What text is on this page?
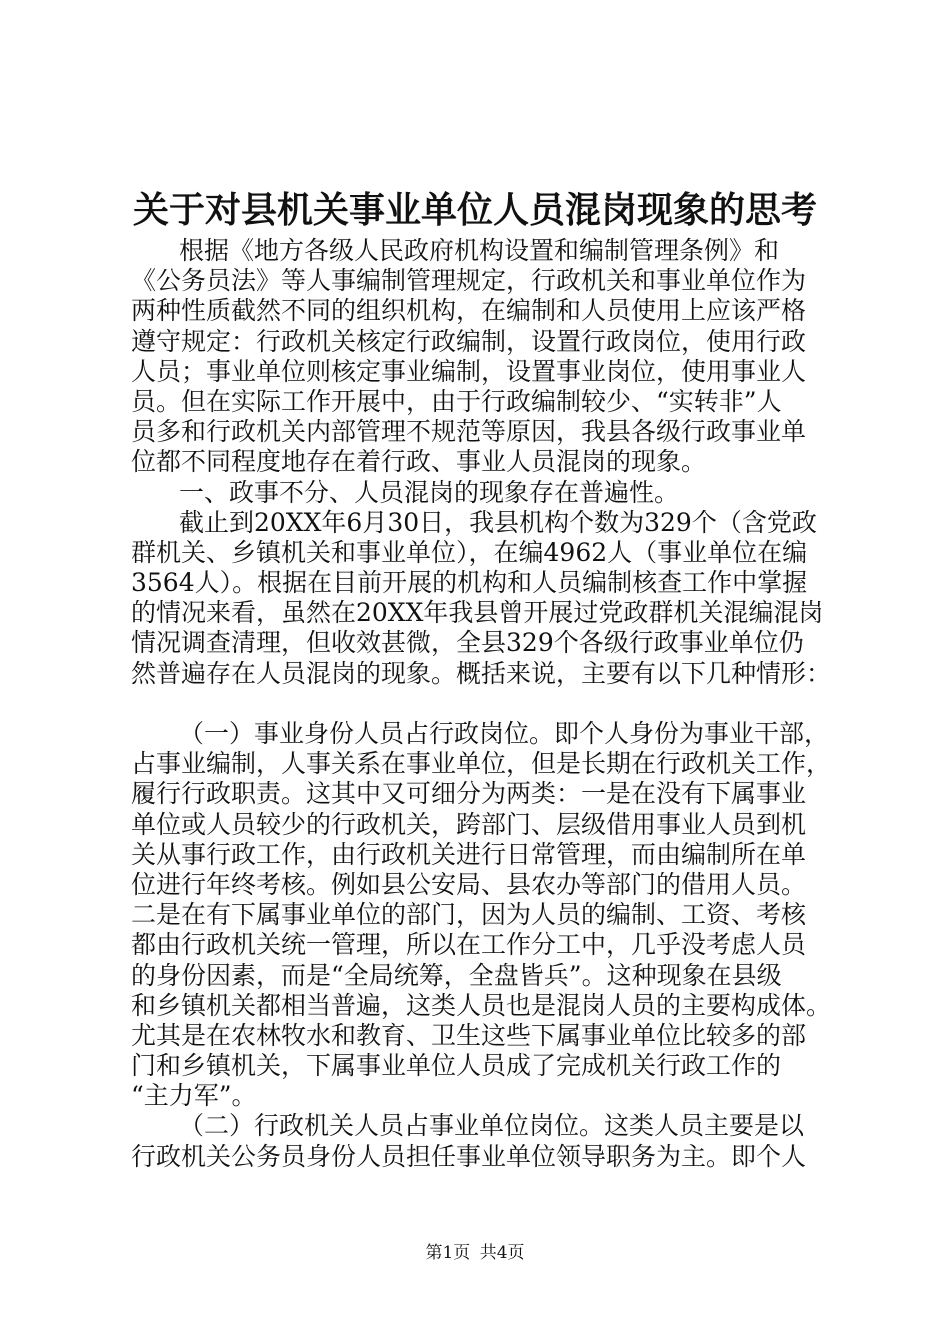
关于对县机关事业单位人员混岗现象的思考
根据《地方各级人民政府机构设置和编制管理条例》和
《公务员法》等人事编制管理规定，行政机关和事业单位作为
两种性质截然不同的组织机构，在编制和人员使用上应该严格
遵守规定：行政机关核定行政编制，设置行政岗位，使用行政
人员；事业单位则核定事业编制，设置事业岗位，使用事业人
员。但在实际工作开展中，由于行政编制较少、“实转非”人
员多和行政机关内部管理不规范等原因，我县各级行政事业单
位都不同程度地存在着行政、事业人员混岗的现象。
一、政事不分、人员混岗的现象存在普遍性。
截止到20XX年6月30日，我县机构个数为329个（含党政
群机关、乡镇机关和事业单位），在编4962人（事业单位在编
3564人）。根据在目前开展的机构和人员编制核查工作中掌握
的情况来看，虽然在20XX年我县曾开展过党政群机关混编混岗
情况调查清理，但收效甚微，全县329个各级行政事业单位仍
然普遍存在人员混岗的现象。概括来说，主要有以下几种情形：
（一）事业身份人员占行政岗位。即个人身份为事业干部，
占事业编制，人事关系在事业单位，但是长期在行政机关工作，
履行行政职责。这其中又可细分为两类：一是在没有下属事业
单位或人员较少的行政机关，跨部门、层级借用事业人员到机
关从事行政工作，由行政机关进行日常管理，而由编制所在单
位进行年终考核。例如县公安局、县农办等部门的借用人员。
二是在有下属事业单位的部门，因为人员的编制、工资、考核
都由行政机关统一管理，所以在工作分工中，几乎没考虑人员
的身份因素，而是“全局统筹，全盘皆兵”。这种现象在县级
和乡镇机关都相当普遍，这类人员也是混岗人员的主要构成体。
尤其是在农林牧水和教育、卫生这些下属事业单位比较多的部
门和乡镇机关，下属事业单位人员成了完成机关行政工作的
“主力军”。
（二）行政机关人员占事业单位岗位。这类人员主要是以
行政机关公务员身份人员担任事业单位领导职务为主。即个人
第1页 共4页
